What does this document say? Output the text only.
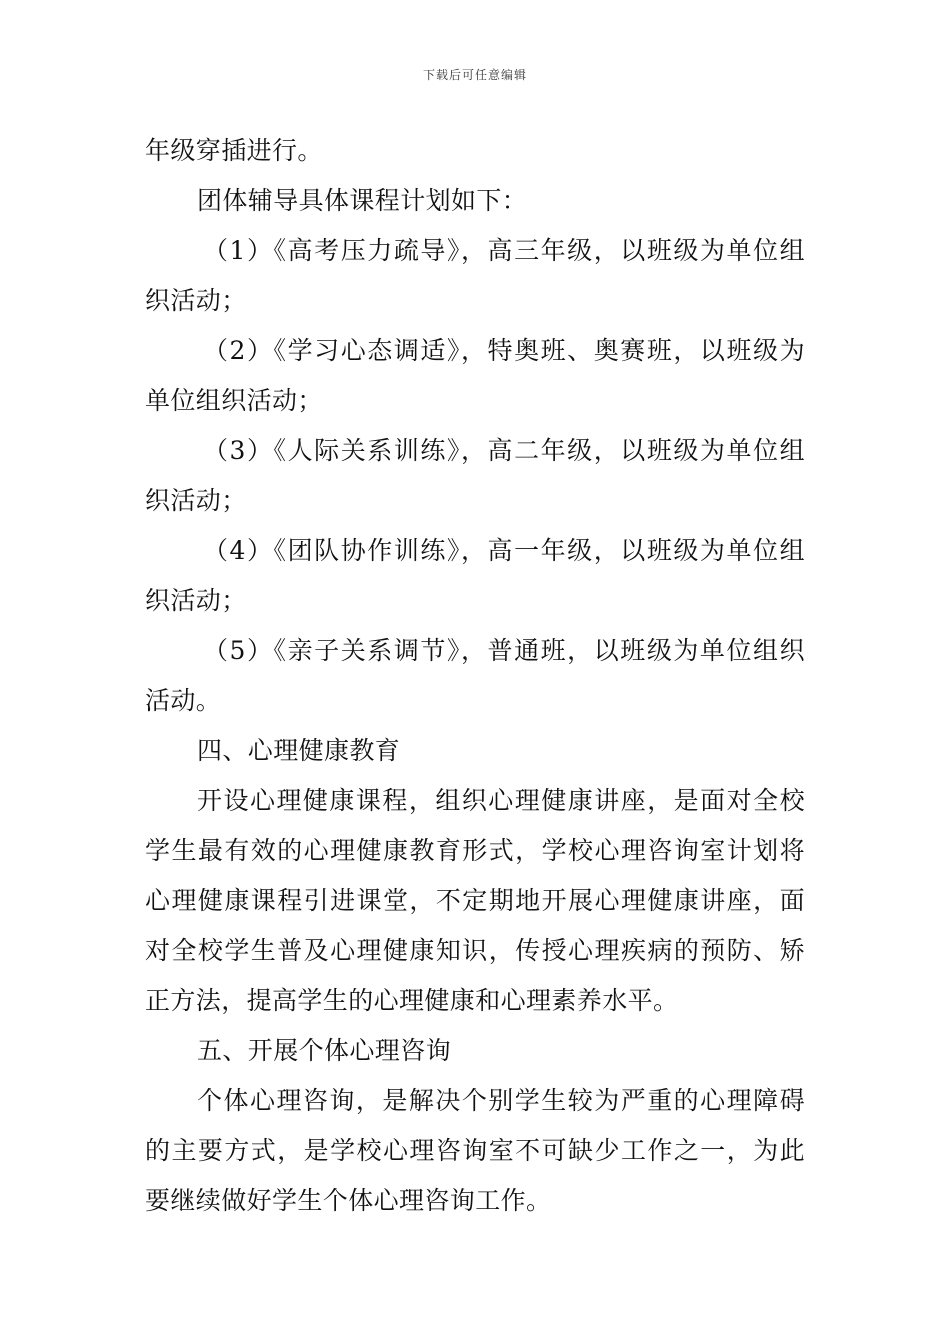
下载后可任意编辑
年级穿插进行。
团体辅导具体课程计划如下：
（1）《高考压力疏导》，高三年级，以班级为单位组
织活动；
（2）《学习心态调适》，特奥班、奥赛班，以班级为
单位组织活动；
（3）《人际关系训练》，高二年级，以班级为单位组
织活动；
（4）《团队协作训练》，高一年级，以班级为单位组
织活动；
（5）《亲子关系调节》，普通班，以班级为单位组织
活动。
四、心理健康教育
开设心理健康课程，组织心理健康讲座，是面对全校
学生最有效的心理健康教育形式，学校心理咨询室计划将
心理健康课程引进课堂，不定期地开展心理健康讲座，面
对全校学生普及心理健康知识，传授心理疾病的预防、矫
正方法，提高学生的心理健康和心理素养水平。
五、开展个体心理咨询
个体心理咨询，是解决个别学生较为严重的心理障碍
的主要方式，是学校心理咨询室不可缺少工作之一，为此
要继续做好学生个体心理咨询工作。
